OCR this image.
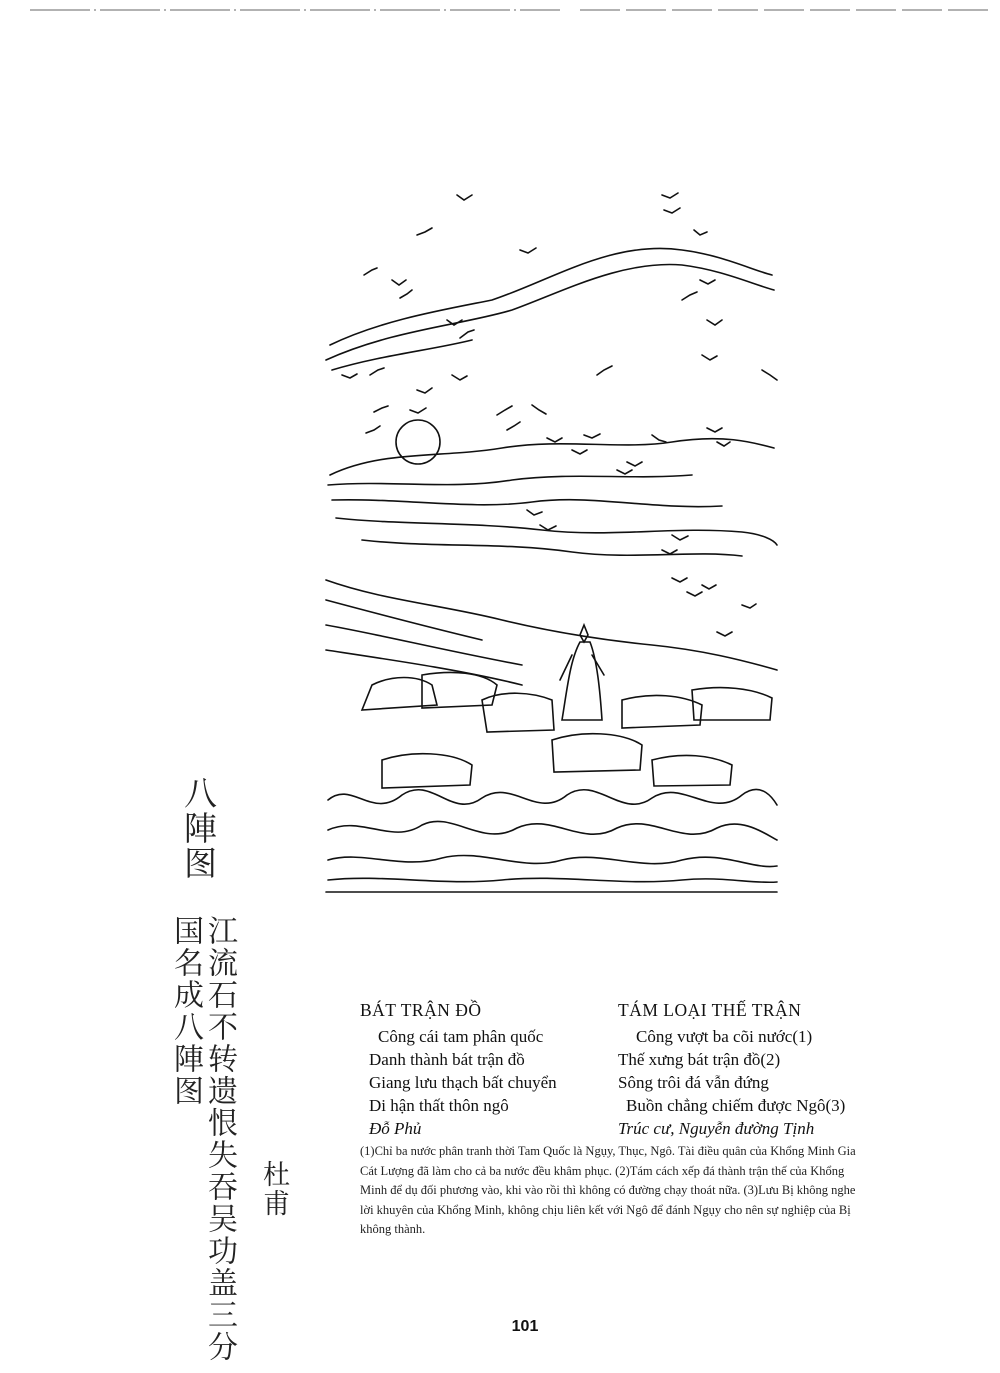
八陣图
江流石不转遗恨失吞吴功盖三分国名成八陣图
杜甫
BÁT TRẬN ĐỒ
Công cái tam phân quốc
Danh thành bát trận đồ
Giang lưu thạch bất chuyển
Di hận thất thôn ngô
Đỗ Phủ
TÁM LOẠI THẾ TRẬN
Công vượt ba cõi nước(1)
Thế xưng bát trận đồ(2)
Sông trôi đá vẫn đứng
Buồn chẳng chiếm được Ngô(3)
Trúc cư, Nguyễn đường Tịnh
(1)Chỉ ba nước phân tranh thời Tam Quốc là Ngụy, Thục, Ngô. Tài điều quân của Khổng Minh Gia Cát Lượng đã làm cho cả ba nước đều khâm phục. (2)Tám cách xếp đá thành trận thế của Khổng Minh để dụ đối phương vào, khi vào rồi thì không có đường chạy thoát nữa. (3)Lưu Bị không nghe lời khuyên của Khổng Minh, không chịu liên kết với Ngô để đánh Ngụy cho nên sự nghiệp của Bị không thành.
101
